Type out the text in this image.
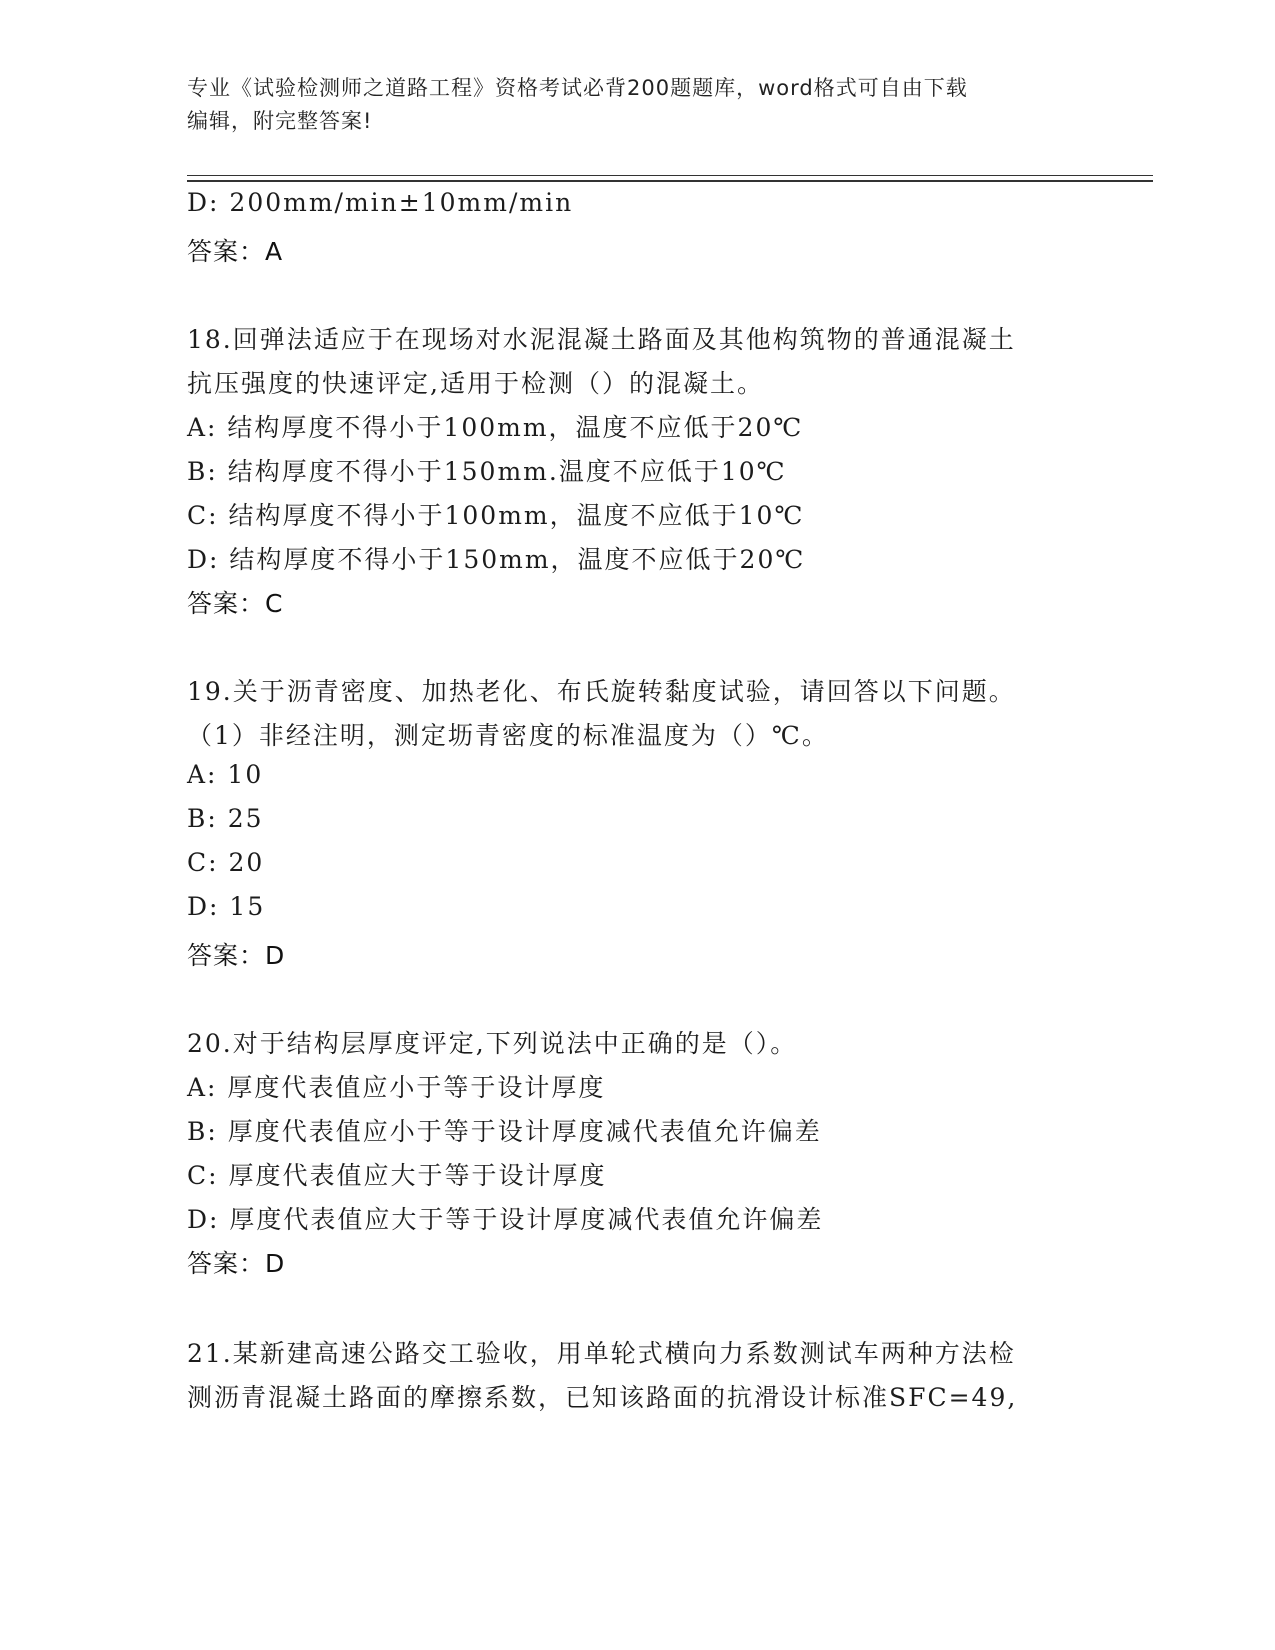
专业《试验检测师之道路工程》资格考试必背200题题库，word格式可自由下载
编辑，附完整答案!
D: 200mm/min±10mm/min
答案：A
18.回弹法适应于在现场对水泥混凝土路面及其他构筑物的普通混凝土
抗压强度的快速评定,适用于检测（）的混凝土。
A: 结构厚度不得小于100mm，温度不应低于20℃
B: 结构厚度不得小于150mm.温度不应低于10℃
C: 结构厚度不得小于100mm，温度不应低于10℃
D: 结构厚度不得小于150mm，温度不应低于20℃
答案：C
19.关于沥青密度、加热老化、布氏旋转黏度试验，请回答以下问题。
（1）非经注明，测定坜青密度的标准温度为（）℃。
A: 10
B: 25
C: 20
D: 15
答案：D
20.对于结构层厚度评定,下列说法中正确的是（）。
A: 厚度代表值应小于等于设计厚度
B: 厚度代表值应小于等于设计厚度减代表值允许偏差
C: 厚度代表值应大于等于设计厚度
D: 厚度代表值应大于等于设计厚度减代表值允许偏差
答案：D
21.某新建高速公路交工验收，用单轮式横向力系数测试车两种方法检
测沥青混凝土路面的摩擦系数，已知该路面的抗滑设计标准SFC=49,
